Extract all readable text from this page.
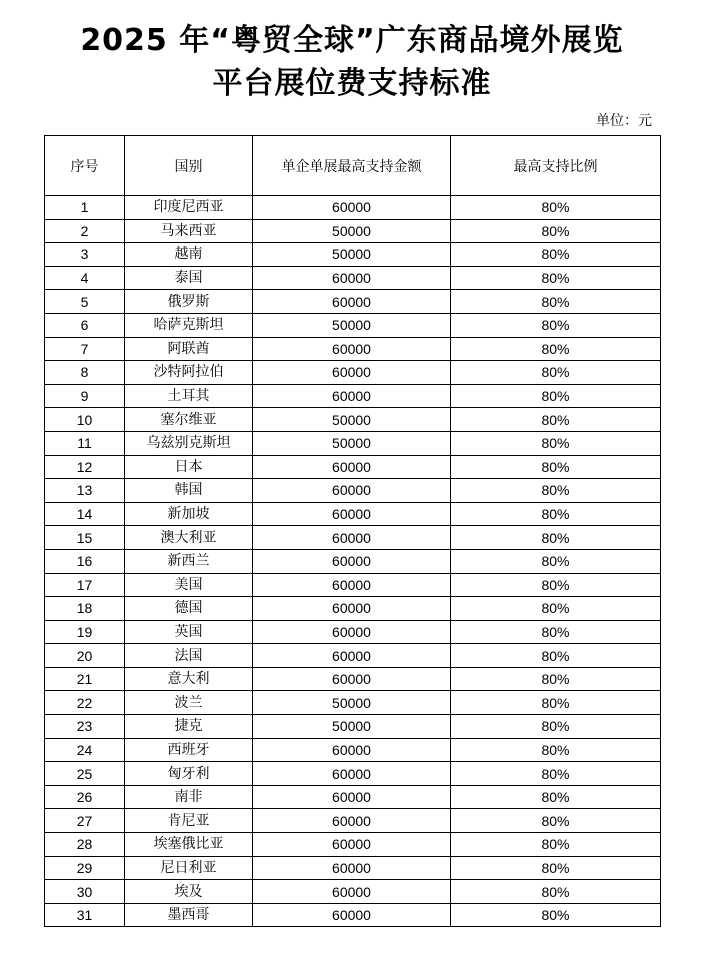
2025 年“粤贸全球”广东商品境外展览
平台展位费支持标准
单位：元
序号	国别	单企单展最高支持金额	最高支持比例
1	印度尼西亚	60000	80%
2	马来西亚	50000	80%
3	越南	50000	80%
4	泰国	60000	80%
5	俄罗斯	60000	80%
6	哈萨克斯坦	50000	80%
7	阿联酋	60000	80%
8	沙特阿拉伯	60000	80%
9	土耳其	60000	80%
10	塞尔维亚	50000	80%
11	乌兹别克斯坦	50000	80%
12	日本	60000	80%
13	韩国	60000	80%
14	新加坡	60000	80%
15	澳大利亚	60000	80%
16	新西兰	60000	80%
17	美国	60000	80%
18	德国	60000	80%
19	英国	60000	80%
20	法国	60000	80%
21	意大利	60000	80%
22	波兰	50000	80%
23	捷克	50000	80%
24	西班牙	60000	80%
25	匈牙利	60000	80%
26	南非	60000	80%
27	肯尼亚	60000	80%
28	埃塞俄比亚	60000	80%
29	尼日利亚	60000	80%
30	埃及	60000	80%
31	墨西哥	60000	80%
